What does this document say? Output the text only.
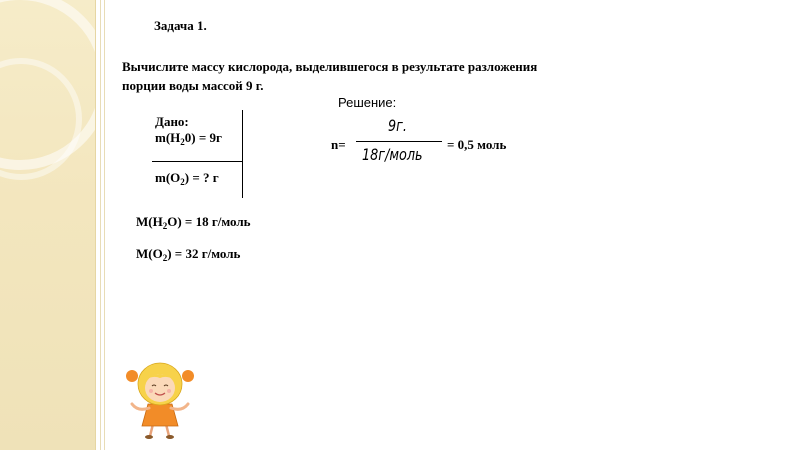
Задача 1.
Вычислите массу кислорода, выделившегося в результате разложения
порции воды массой 9 г.
Решение:
Дано:
$m(H_20) = 9г$
$m(O_2)$ = ? г
n=
9г.
18г/моль
= 0,5 моль
$M(H_2O) = 18$ г/моль
$M(O_2) = 32$ г/моль
